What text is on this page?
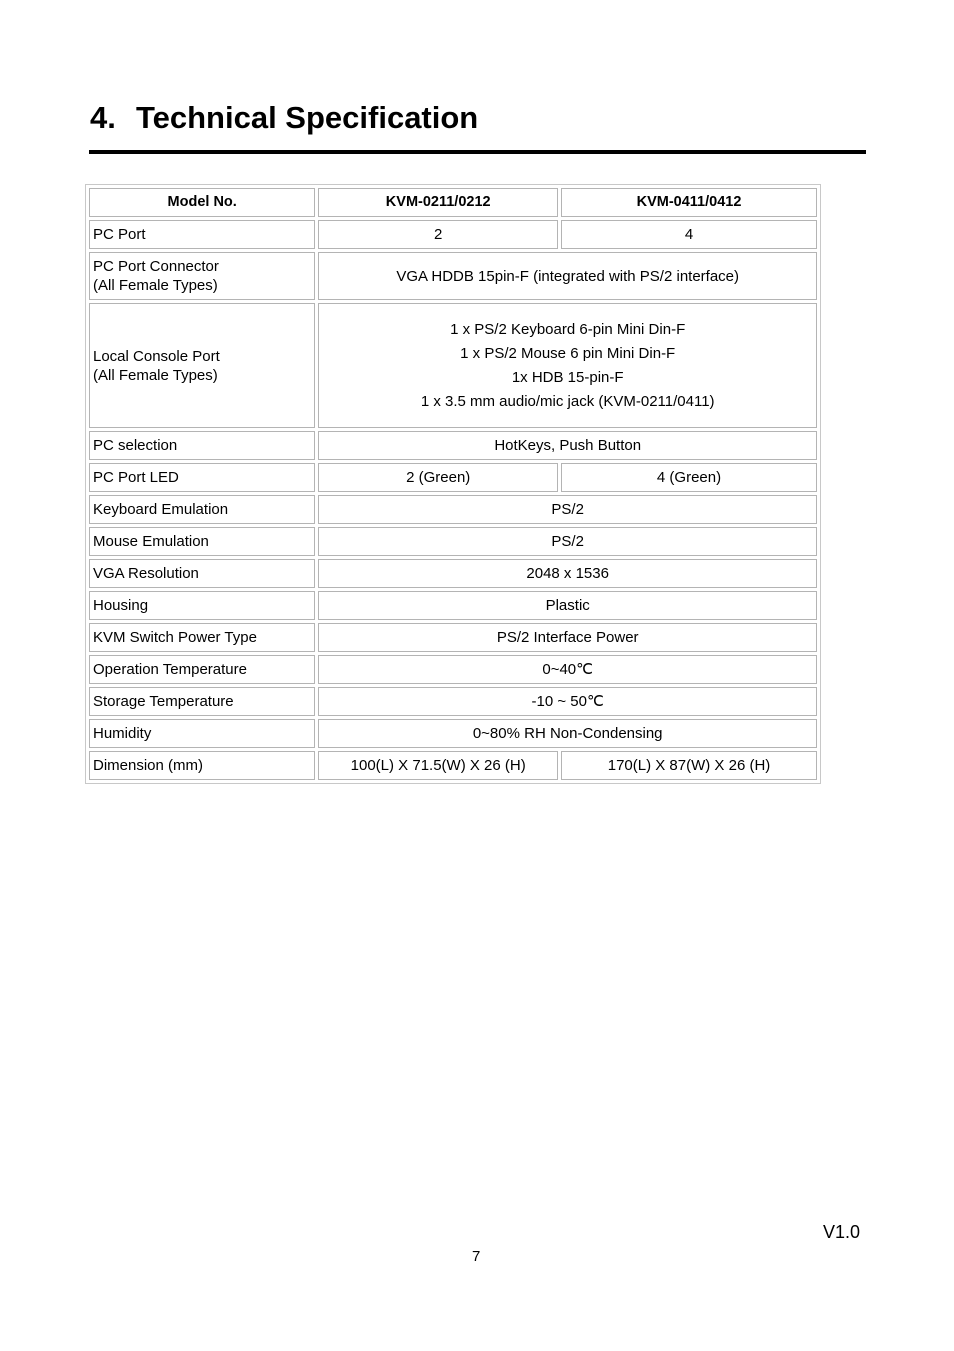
4. Technical Specification
Model No.	KVM-0211/0212	KVM-0411/0412
PC Port	2	4

PC Port Connector
(All Female Types)	VGA HDDB 15pin-F (integrated with PS/2 interface)	

Local Console Port
(All Female Types)	1 x PS/2 Keyboard 6-pin Mini Din-F
1 x PS/2 Mouse 6 pin Mini Din-F
1x HDB 15-pin-F
1 x 3.5 mm audio/mic jack (KVM-0211/0411)	

PC selection	HotKeys, Push Button	
PC Port LED	2 (Green)	4 (Green)
Keyboard Emulation	PS/2	
Mouse Emulation	PS/2	
VGA Resolution	2048 x 1536	
Housing	Plastic	
KVM Switch Power Type	PS/2 Interface Power	
Operation Temperature	0~40℃	
Storage Temperature	-10 ~ 50℃	
Humidity	0~80% RH Non-Condensing	
Dimension (mm)	100(L) X 71.5(W) X 26 (H)	170(L) X 87(W) X 26 (H)
V1.0
7
